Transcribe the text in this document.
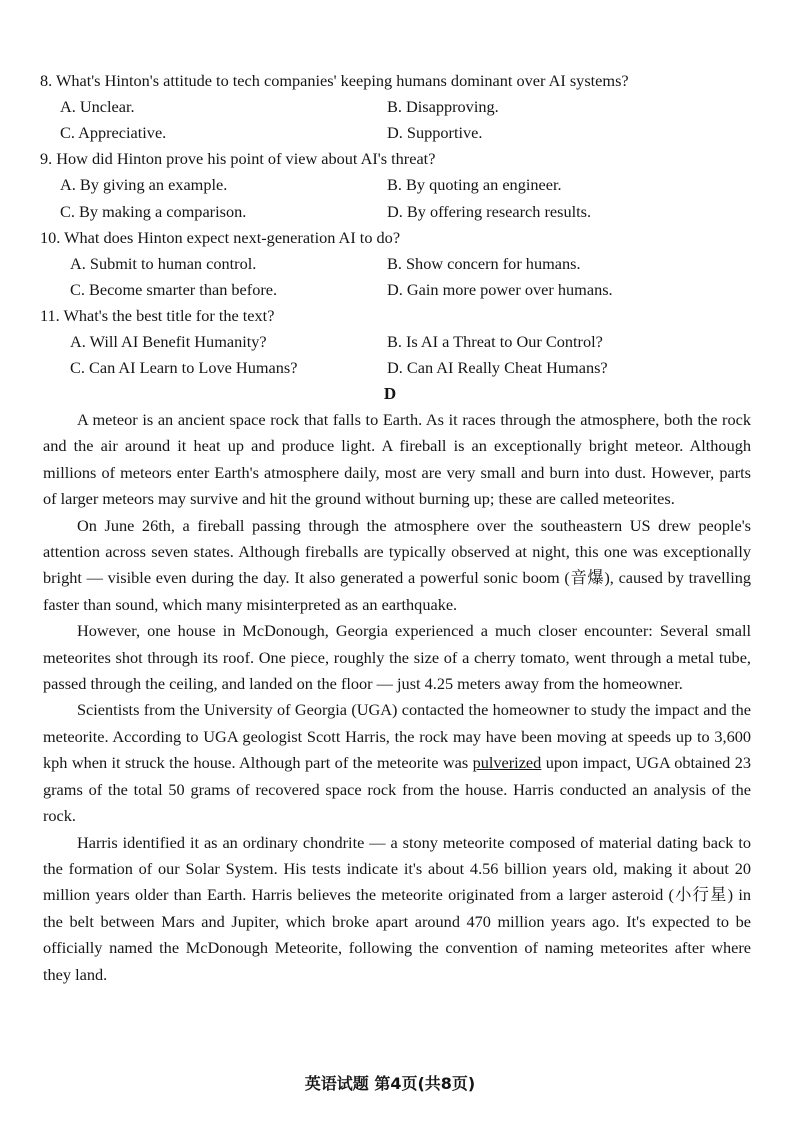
8. What's Hinton's attitude to tech companies' keeping humans dominant over AI systems?
A. Unclear.	B. Disapproving.
C. Appreciative.	D. Supportive.
9. How did Hinton prove his point of view about AI's threat?
A. By giving an example.	B. By quoting an engineer.
C. By making a comparison.	D. By offering research results.
10. What does Hinton expect next-generation AI to do?
A. Submit to human control.	B. Show concern for humans.
C. Become smarter than before.	D. Gain more power over humans.
11. What's the best title for the text?
A. Will AI Benefit Humanity?	B. Is AI a Threat to Our Control?
C. Can AI Learn to Love Humans?	D. Can AI Really Cheat Humans?
D

A meteor is an ancient space rock that falls to Earth. As it races through the atmosphere, both the rock and the air around it heat up and produce light. A fireball is an exceptionally bright meteor. Although millions of meteors enter Earth's atmosphere daily, most are very small and burn into dust. However, parts of larger meteors may survive and hit the ground without burning up; these are called meteorites.

On June 26th, a fireball passing through the atmosphere over the southeastern US drew people's attention across seven states. Although fireballs are typically observed at night, this one was exceptionally bright — visible even during the day. It also generated a powerful sonic boom (音爆), caused by travelling faster than sound, which many misinterpreted as an earthquake.

However, one house in McDonough, Georgia experienced a much closer encounter: Several small meteorites shot through its roof. One piece, roughly the size of a cherry tomato, went through a metal tube, passed through the ceiling, and landed on the floor — just 4.25 meters away from the homeowner.

Scientists from the University of Georgia (UGA) contacted the homeowner to study the impact and the meteorite. According to UGA geologist Scott Harris, the rock may have been moving at speeds up to 3,600 kph when it struck the house. Although part of the meteorite was pulverized upon impact, UGA obtained 23 grams of the total 50 grams of recovered space rock from the house. Harris conducted an analysis of the rock.

Harris identified it as an ordinary chondrite — a stony meteorite composed of material dating back to the formation of our Solar System. His tests indicate it's about 4.56 billion years old, making it about 20 million years older than Earth. Harris believes the meteorite originated from a larger asteroid (小行星) in the belt between Mars and Jupiter, which broke apart around 470 million years ago. It's expected to be officially named the McDonough Meteorite, following the convention of naming meteorites after where they land.

英语试题 第4页(共8页)
